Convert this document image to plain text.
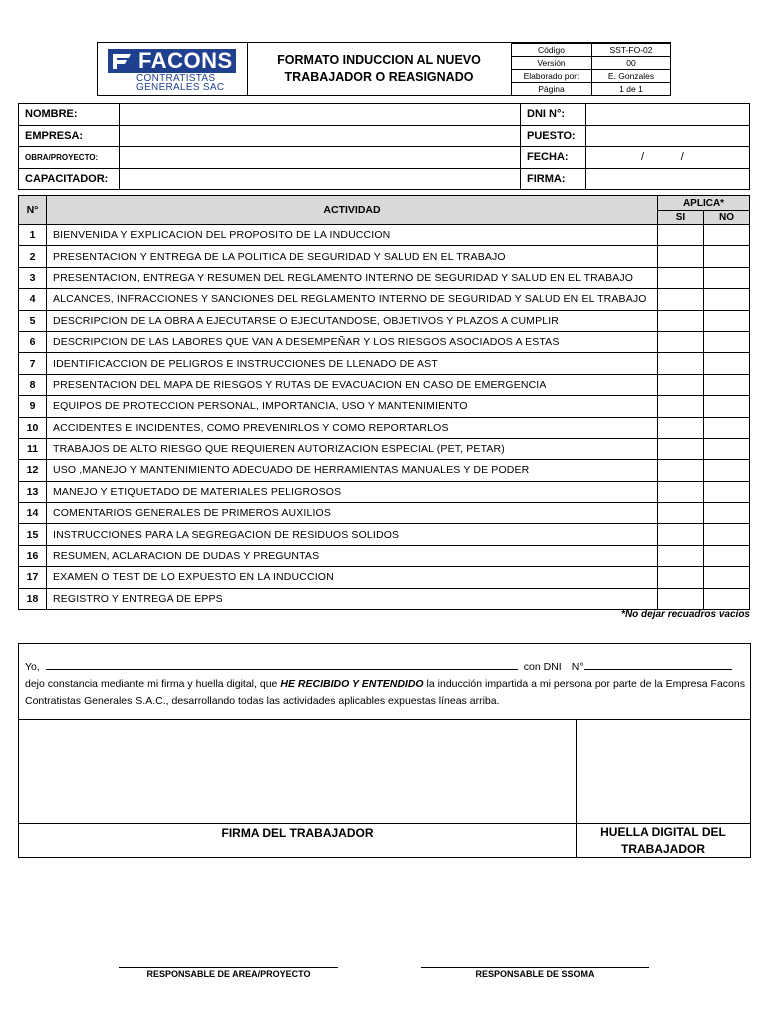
FACONS
CONTRATISTAS
GENERALES SAC
FORMATO INDUCCION AL NUEVO
TRABAJADOR O REASIGNADO
Código	SST-FO-02
Versión	00
Elaborado por:	E. Gonzales
Página	1 de 1
NOMBRE:		DNI N°:	
EMPRESA:		PUESTO:	
OBRA/PROYECTO:		FECHA:	/            /
CAPACITADOR:		FIRMA:	
N°	ACTIVIDAD	APLICA*	
		SI	NO
1	BIENVENIDA Y EXPLICACION DEL PROPOSITO DE LA INDUCCION		
2	PRESENTACION Y ENTREGA DE LA POLITICA DE SEGURIDAD Y SALUD EN EL TRABAJO		
3	PRESENTACION, ENTREGA Y RESUMEN DEL REGLAMENTO INTERNO DE SEGURIDAD Y SALUD EN EL TRABAJO		
4	ALCANCES, INFRACCIONES Y SANCIONES DEL REGLAMENTO INTERNO DE SEGURIDAD Y SALUD EN EL TRABAJO		
5	DESCRIPCION DE LA OBRA A EJECUTARSE O EJECUTANDOSE, OBJETIVOS Y PLAZOS A CUMPLIR		
6	DESCRIPCION DE LAS LABORES QUE VAN A DESEMPEÑAR Y LOS RIESGOS ASOCIADOS A ESTAS		
7	IDENTIFICACCION DE PELIGROS E INSTRUCCIONES DE LLENADO DE AST		
8	PRESENTACION DEL MAPA DE RIESGOS Y RUTAS DE EVACUACION EN CASO DE EMERGENCIA		
9	EQUIPOS DE PROTECCION PERSONAL, IMPORTANCIA, USO Y MANTENIMIENTO		
10	ACCIDENTES E INCIDENTES, COMO PREVENIRLOS Y COMO REPORTARLOS		
11	TRABAJOS DE ALTO RIESGO QUE REQUIEREN AUTORIZACION ESPECIAL (PET, PETAR)		
12	USO ,MANEJO Y MANTENIMIENTO ADECUADO DE HERRAMIENTAS MANUALES Y DE PODER		
13	MANEJO Y ETIQUETADO DE MATERIALES PELIGROSOS		
14	COMENTARIOS GENERALES DE PRIMEROS AUXILIOS		
15	INSTRUCCIONES PARA LA SEGREGACION DE RESIDUOS SOLIDOS		
16	RESUMEN, ACLARACION DE DUDAS Y PREGUNTAS		
17	EXAMEN O TEST DE LO EXPUESTO EN LA INDUCCION		
18	REGISTRO Y ENTREGA DE EPPS		
*No dejar recuadros vacíos
Yo,	con DNI N°
dejo constancia mediante mi firma y huella digital, que HE RECIBIDO Y ENTENDIDO la inducción impartida a mi persona por parte de la Empresa Facons Contratistas Generales S.A.C., desarrollando todas las actividades aplicables expuestas líneas arriba.
FIRMA DEL TRABAJADOR	HUELLA DIGITAL DEL
TRABAJADOR
RESPONSABLE DE AREA/PROYECTO	RESPONSABLE DE SSOMA
